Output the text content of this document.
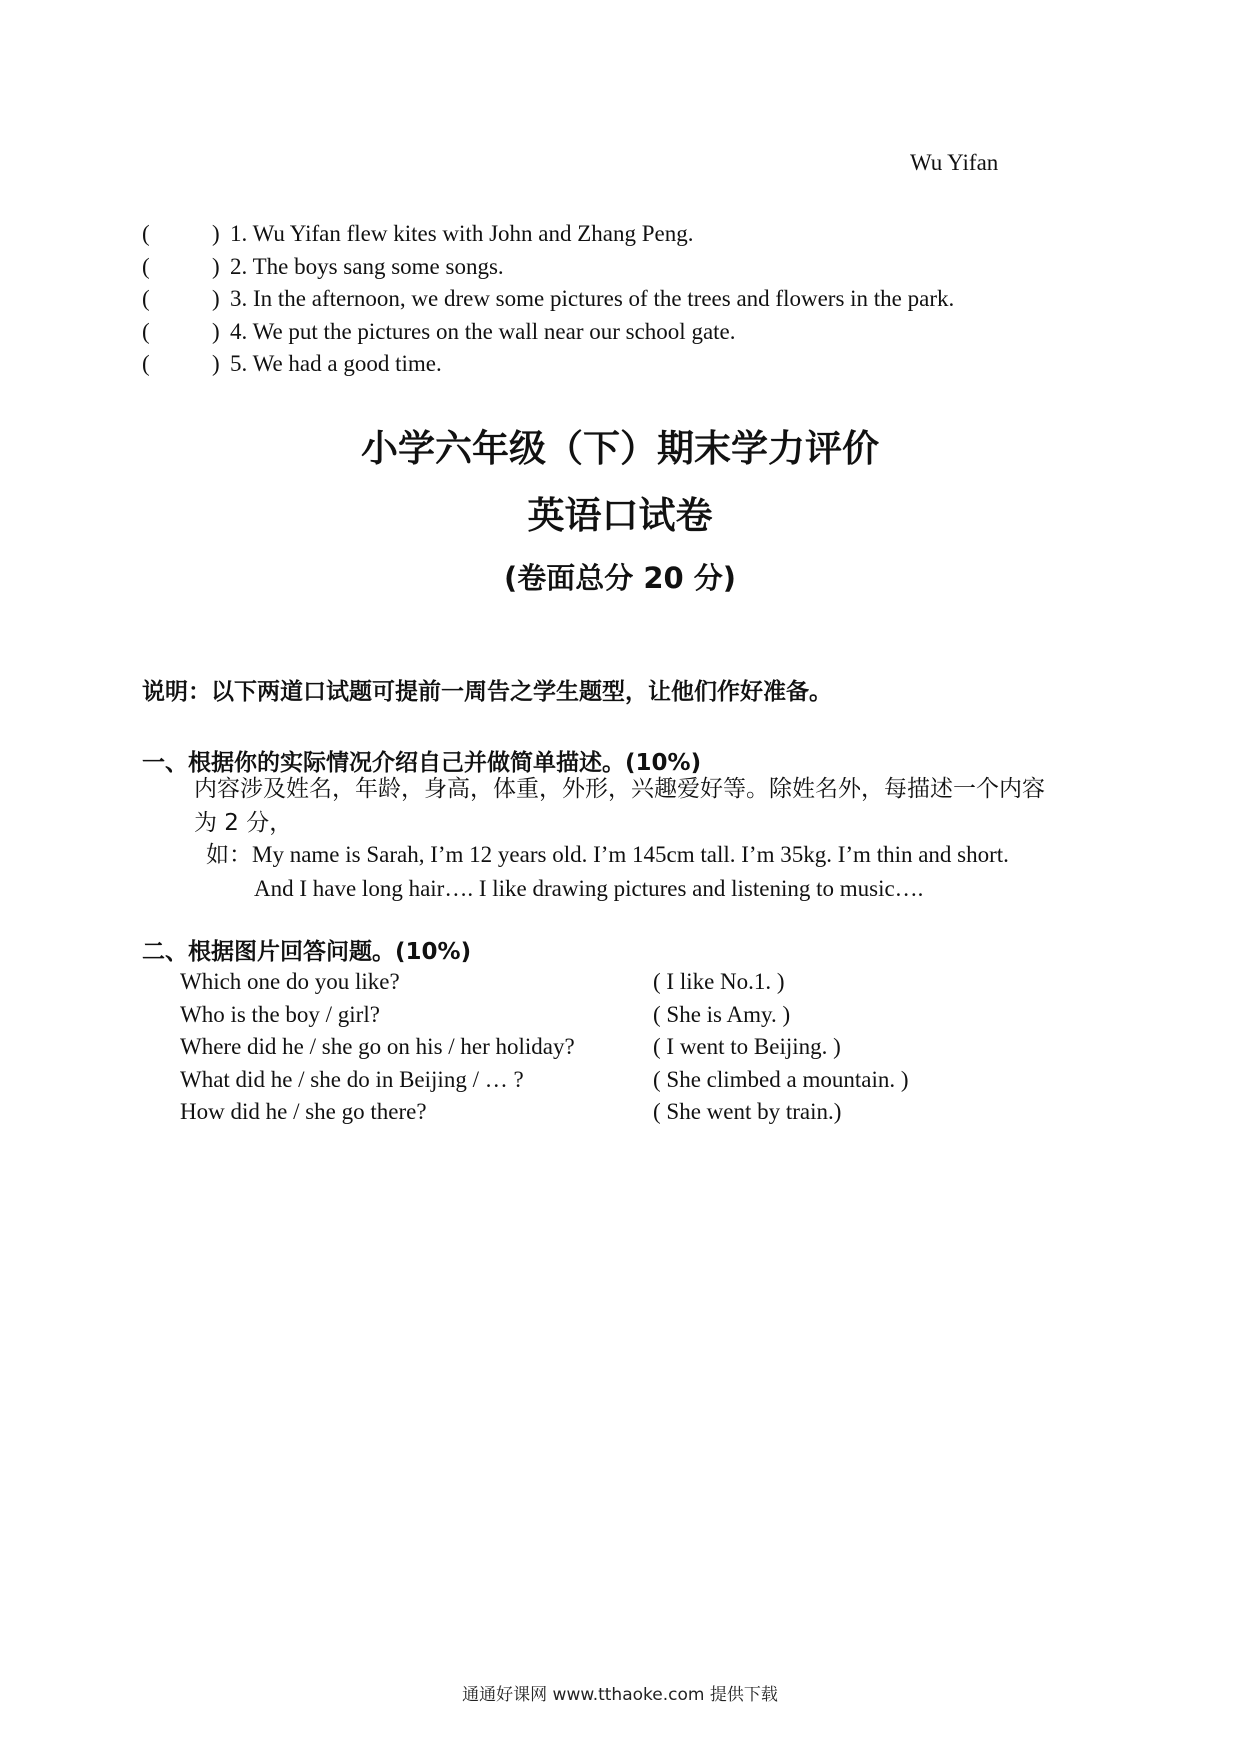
Wu Yifan
(	) 1. Wu Yifan flew kites with John and Zhang Peng.
(	) 2. The boys sang some songs.
(	) 3. In the afternoon, we drew some pictures of the trees and flowers in the park.
(	) 4. We put the pictures on the wall near our school gate.
(	) 5. We had a good time.
小学六年级（下）期末学力评价
英语口试卷
(卷面总分 20 分)
说明：以下两道口试题可提前一周告之学生题型，让他们作好准备。
一、根据你的实际情况介绍自己并做简单描述。(10%)
内容涉及姓名，年龄，身高，体重，外形，兴趣爱好等。除姓名外，每描述一个内容
为 2 分，
如：My name is Sarah, I’m 12 years old. I’m 145cm tall. I’m 35kg. I’m thin and short.
And I have long hair…. I like drawing pictures and listening to music….
二、根据图片回答问题。(10%)
Which one do you like?	( I like No.1. )
Who is the boy / girl?	( She is Amy. )
Where did he / she go on his / her holiday?	( I went to Beijing. )
What did he / she do in Beijing / … ?	( She climbed a mountain. )
How did he / she go there?	( She went by train.)
通通好课网 www.tthaoke.com 提供下载
